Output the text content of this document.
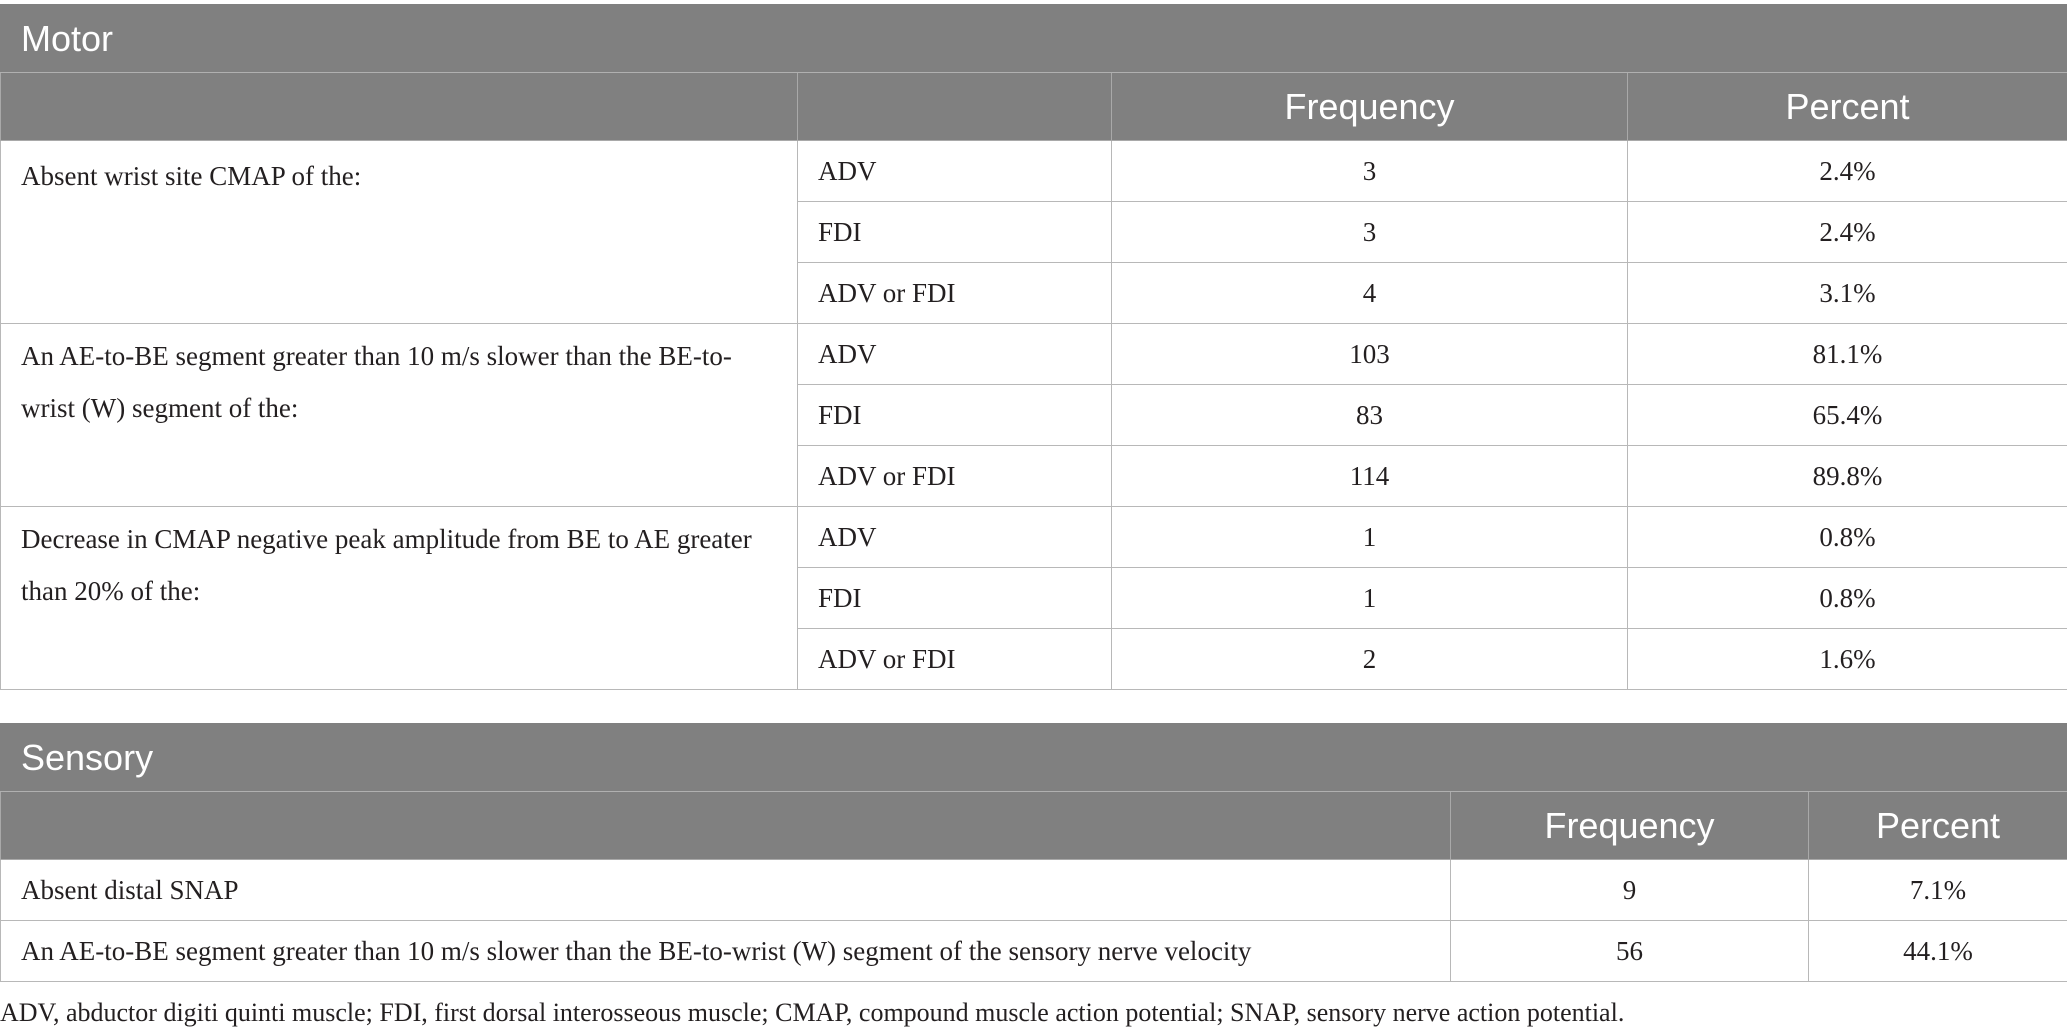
Motor			
		Frequency	Percent
Absent wrist site CMAP of the:	ADV	3	2.4%
	FDI	3	2.4%
	ADV or FDI	4	3.1%
An AE-to-BE segment greater than 10 m/s slower than the BE-to-wrist (W) segment of the:	ADV	103	81.1%
	FDI	83	65.4%
	ADV or FDI	114	89.8%
Decrease in CMAP negative peak amplitude from BE to AE greater than 20% of the:	ADV	1	0.8%
	FDI	1	0.8%
	ADV or FDI	2	1.6%
Sensory		
	Frequency	Percent
Absent distal SNAP	9	7.1%
An AE-to-BE segment greater than 10 m/s slower than the BE-to-wrist (W) segment of the sensory nerve velocity	56	44.1%

ADV, abductor digiti quinti muscle; FDI, first dorsal interosseous muscle; CMAP, compound muscle action potential; SNAP, sensory nerve action potential.
